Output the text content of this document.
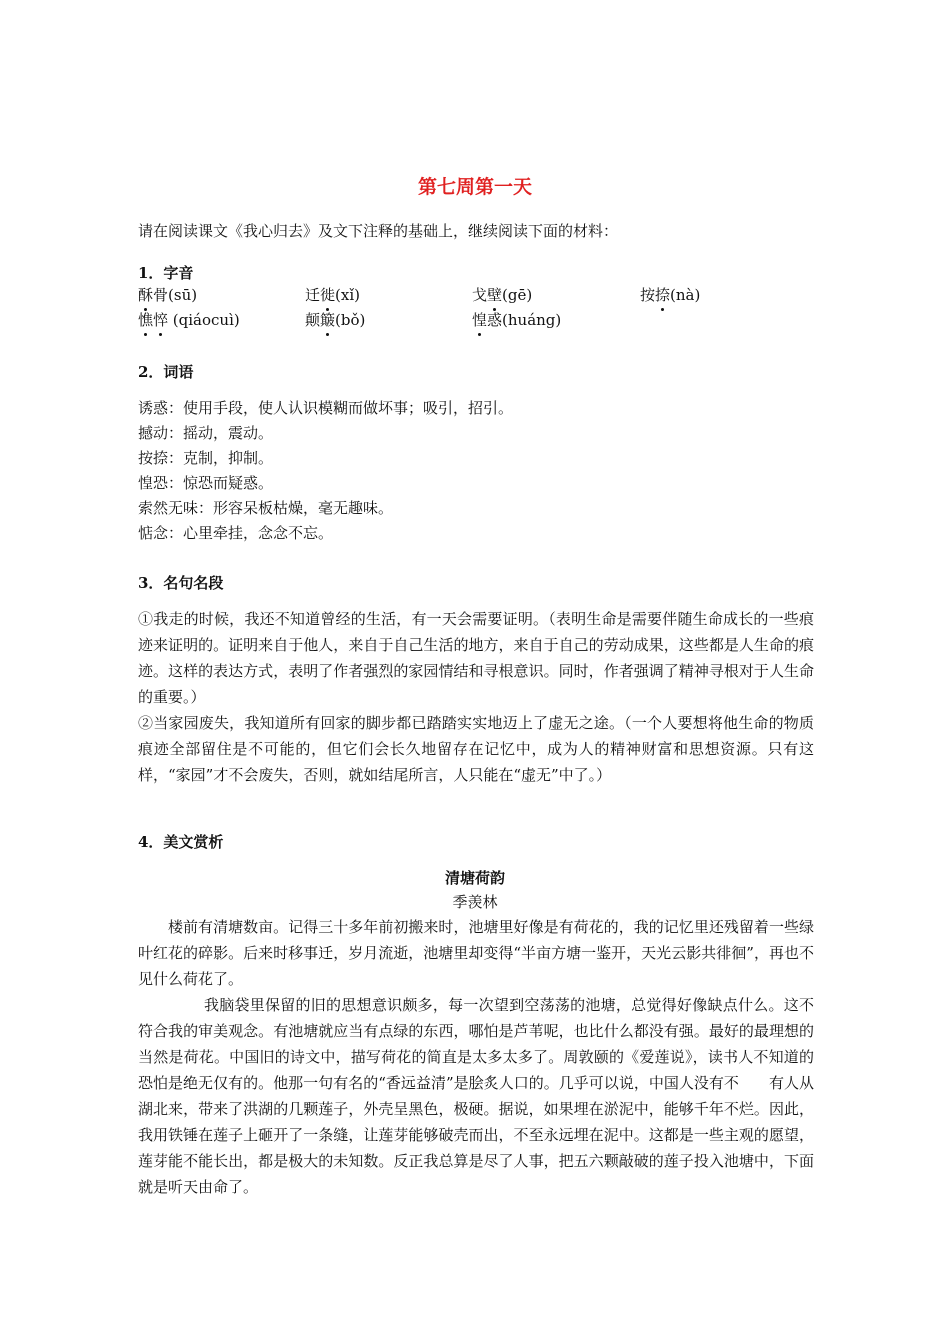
第七周第一天
请在阅读课文《我心归去》及文下注释的基础上，继续阅读下面的材料：
1．字音
酥骨(sū)	迁徙(xǐ)	戈壁(gē)	按捺(nà)
憔悴 (qiáocuì)	颠簸(bǒ)	惶惑(huáng)
2．词语
诱惑：使用手段，使人认识模糊而做坏事；吸引，招引。
撼动：摇动，震动。
按捺：克制，抑制。
惶恐：惊恐而疑惑。
索然无味：形容呆板枯燥，毫无趣味。
惦念：心里牵挂，念念不忘。
3．名句名段

①我走的时候，我还不知道曾经的生活，有一天会需要证明。（表明生命是需要伴随生命成长的一些痕迹来证明的。证明来自于他人，来自于自己生活的地方，来自于自己的劳动成果，这些都是人生命的痕迹。这样的表达方式，表明了作者强烈的家园情结和寻根意识。同时，作者强调了精神寻根对于人生命的重要。）

②当家园废失，我知道所有回家的脚步都已踏踏实实地迈上了虚无之途。（一个人要想将他生命的物质痕迹全部留住是不可能的，但它们会长久地留存在记忆中，成为人的精神财富和思想资源。只有这样，“家园”才不会废失，否则，就如结尾所言，人只能在“虚无”中了。）

4．美文赏析
清塘荷韵
季羡林

楼前有清塘数亩。记得三十多年前初搬来时，池塘里好像是有荷花的，我的记忆里还残留着一些绿叶红花的碎影。后来时移事迁，岁月流逝，池塘里却变得“半亩方塘一鉴开，天光云影共徘徊”，再也不见什么荷花了。

我脑袋里保留的旧的思想意识颇多，每一次望到空荡荡的池塘，总觉得好像缺点什么。这不符合我的审美观念。有池塘就应当有点绿的东西，哪怕是芦苇呢，也比什么都没有强。最好的最理想的当然是荷花。中国旧的诗文中，描写荷花的简直是太多太多了。周敦颐的《爱莲说》，读书人不知道的恐怕是绝无仅有的。他那一句有名的“香远益清”是脍炙人口的。几乎可以说，中国人没有不　　有人从湖北来，带来了洪湖的几颗莲子，外壳呈黑色，极硬。据说，如果埋在淤泥中，能够千年不烂。因此，我用铁锤在莲子上砸开了一条缝，让莲芽能够破壳而出，不至永远埋在泥中。这都是一些主观的愿望，莲芽能不能长出，都是极大的未知数。反正我总算是尽了人事，把五六颗敲破的莲子投入池塘中，下面就是听天由命了。
